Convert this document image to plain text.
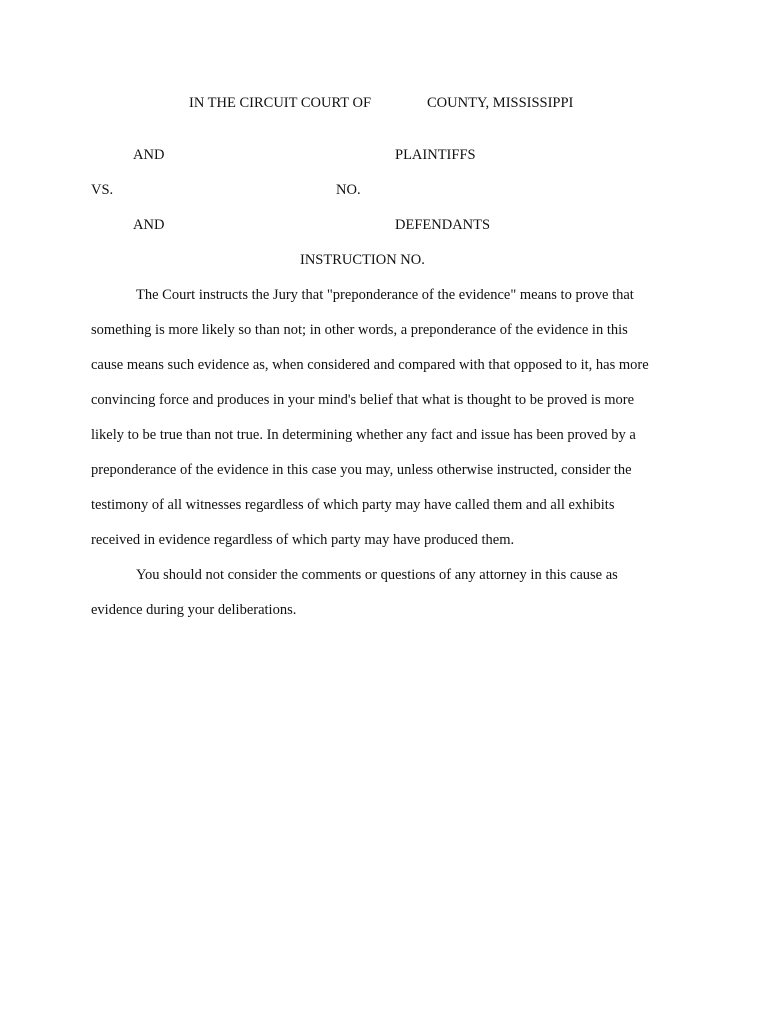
IN THE CIRCUIT COURT OF	COUNTY, MISSISSIPPI
AND	PLAINTIFFS
VS.	NO.
AND	DEFENDANTS
INSTRUCTION NO.
The Court instructs the Jury that "preponderance of the evidence" means to prove that
something is more likely so than not; in other words, a preponderance of the evidence in this
cause means such evidence as, when considered and compared with that opposed to it, has more
convincing force and produces in your mind's belief that what is thought to be proved is more
likely to be true than not true. In determining whether any fact and issue has been proved by a
preponderance of the evidence in this case you may, unless otherwise instructed, consider the
testimony of all witnesses regardless of which party may have called them and all exhibits
received in evidence regardless of which party may have produced them.
You should not consider the comments or questions of any attorney in this cause as
evidence during your deliberations.
